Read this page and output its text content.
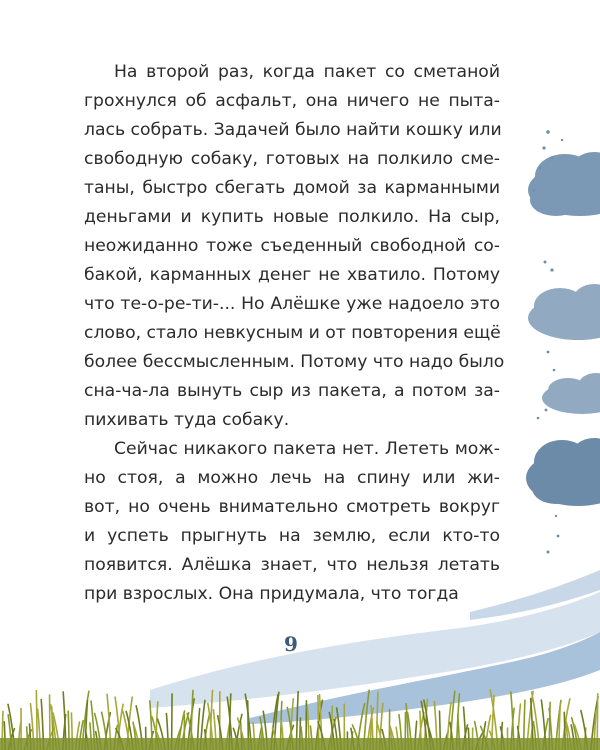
На второй раз, когда пакет со сметаной
грохнулся об асфальт, она ничего не пыта-
лась собрать. Задачей было найти кошку или
свободную собаку, готовых на полкило сме-
таны, быстро сбегать домой за карманными
деньгами и купить новые полкило. На сыр,
неожиданно тоже съеденный свободной со-
бакой, карманных денег не хватило. Потому
что те-о-ре-ти-... Но Алёшке уже надоело это
слово, стало невкусным и от повторения ещё
более бессмысленным. Потому что надо было
сна-ча-ла вынуть сыр из пакета, а потом за-
пихивать туда собаку.
Сейчас никакого пакета нет. Лететь мож-
но стоя, а можно лечь на спину или жи-
вот, но очень внимательно смотреть вокруг
и успеть прыгнуть на землю, если кто-то
появится. Алёшка знает, что нельзя летать
при взрослых. Она придумала, что тогда
9
